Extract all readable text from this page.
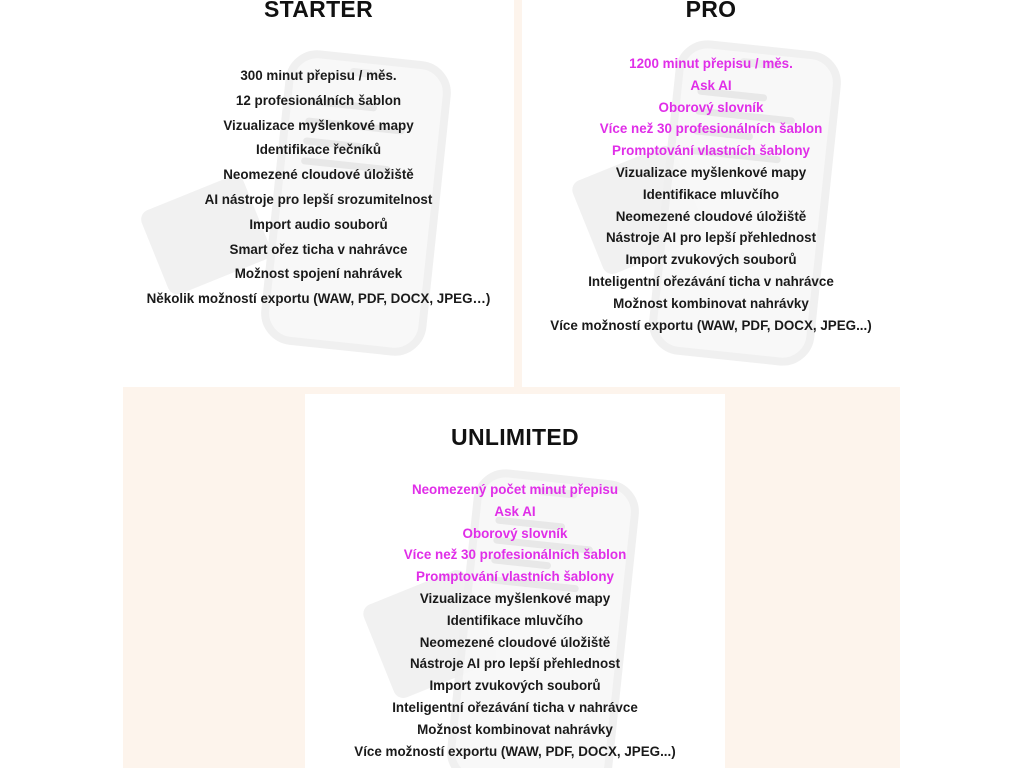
STARTER
300 minut přepisu / měs.
12 profesionálních šablon
Vizualizace myšlenkové mapy
Identifikace řečníků
Neomezené cloudové úložiště
AI nástroje pro lepší srozumitelnost
Import audio souborů
Smart ořez ticha v nahrávce
Možnost spojení nahrávek
Několik možností exportu (WAW, PDF, DOCX, JPEG…)
PRO
1200 minut přepisu / měs.
Ask AI
Oborový slovník
Více než 30 profesionálních šablon
Promptování vlastních šablony
Vizualizace myšlenkové mapy
Identifikace mluvčího
Neomezené cloudové úložiště
Nástroje AI pro lepší přehlednost
Import zvukových souborů
Inteligentní ořezávání ticha v nahrávce
Možnost kombinovat nahrávky
Více možností exportu (WAW, PDF, DOCX, JPEG...)
UNLIMITED
Neomezený počet minut přepisu
Ask AI
Oborový slovník
Více než 30 profesionálních šablon
Promptování vlastních šablony
Vizualizace myšlenkové mapy
Identifikace mluvčího
Neomezené cloudové úložiště
Nástroje AI pro lepší přehlednost
Import zvukových souborů
Inteligentní ořezávání ticha v nahrávce
Možnost kombinovat nahrávky
Více možností exportu (WAW, PDF, DOCX, JPEG...)
